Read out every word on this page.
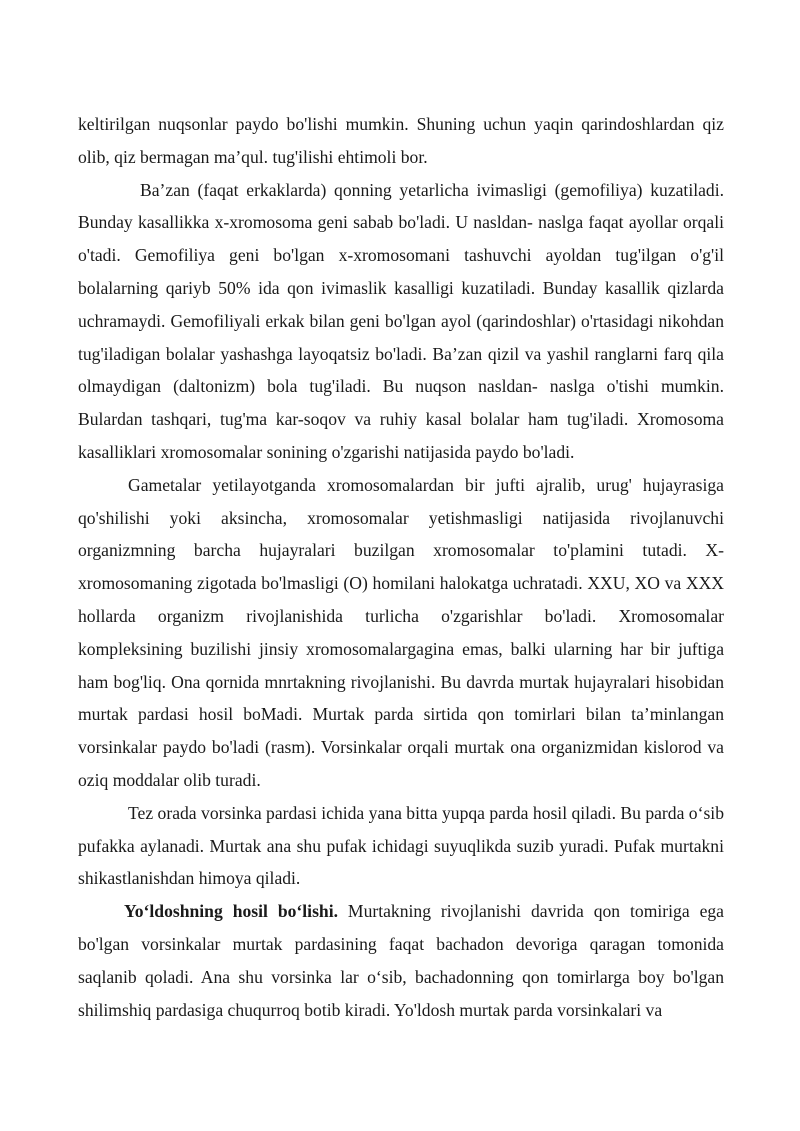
keltirilgan nuqsonlar paydo bo'lishi mumkin. Shuning uchun yaqin qarindoshlardan qiz olib, qiz bermagan ma’qul. tug'ilishi ehtimoli bor.

Ba’zan (faqat erkaklarda) qonning yetarlicha ivimasligi (gemofiliya) kuzatiladi. Bunday kasallikka x-xromosoma geni sabab bo'ladi. U nasldan- naslga faqat ayollar orqali o'tadi. Gemofiliya geni bo'lgan x-xromosomani tashuvchi ayoldan tug'ilgan o'g'il bolalarning qariyb 50% ida qon ivimaslik kasalligi kuzatiladi. Bunday kasallik qizlarda uchramaydi. Gemofiliyali erkak bilan geni bo'lgan ayol (qarindoshlar) o'rtasidagi nikohdan tug'iladigan bolalar yashashga layoqatsiz bo'ladi. Ba’zan qizil va yashil ranglarni farq qila olmaydigan (daltonizm) bola tug'iladi. Bu nuqson nasldan- naslga o'tishi mumkin. Bulardan tashqari, tug'ma kar-soqov va ruhiy kasal bolalar ham tug'iladi. Xromosoma kasalliklari xromosomalar sonining o'zgarishi natijasida paydo bo'ladi.

Gametalar yetilayotganda xromosomalardan bir jufti ajralib, urug' hujayrasiga qo'shilishi yoki aksincha, xromosomalar yetishmasligi natijasida rivojlanuvchi organizmning barcha hujayralari buzilgan xromosomalar to'plamini tutadi. X-xromosomaning zigotada bo'lmasligi (O) homilani halokatga uchratadi. XXU, XO va XXX hollarda organizm rivojlanishida turlicha o'zgarishlar bo'ladi. Xromosomalar kompleksining buzilishi jinsiy xromosomalargagina emas, balki ularning har bir juftiga ham bog'liq. Ona qornida mnrtakning rivojlanishi. Bu davrda murtak hujayralari hisobidan murtak pardasi hosil boMadi. Murtak parda sirtida qon tomirlari bilan ta’minlangan vorsinkalar paydo bo'ladi (rasm). Vorsinkalar orqali murtak ona organizmidan kislorod va oziq moddalar olib turadi.

Tez orada vorsinka pardasi ichida yana bitta yupqa parda hosil qiladi. Bu parda o‘sib pufakka aylanadi. Murtak ana shu pufak ichidagi suyuqlikda suzib yuradi. Pufak murtakni shikastlanishdan himoya qiladi.

Yo‘ldoshning hosil bo‘lishi. Murtakning rivojlanishi davrida qon tomiriga ega bo'lgan vorsinkalar murtak pardasining faqat bachadon devoriga qaragan tomonida saqlanib qoladi. Ana shu vorsinka lar o‘sib, bachadonning qon tomirlarga boy bo'lgan shilimshiq pardasiga chuqurroq botib kiradi. Yo'ldosh murtak parda vorsinkalari va
